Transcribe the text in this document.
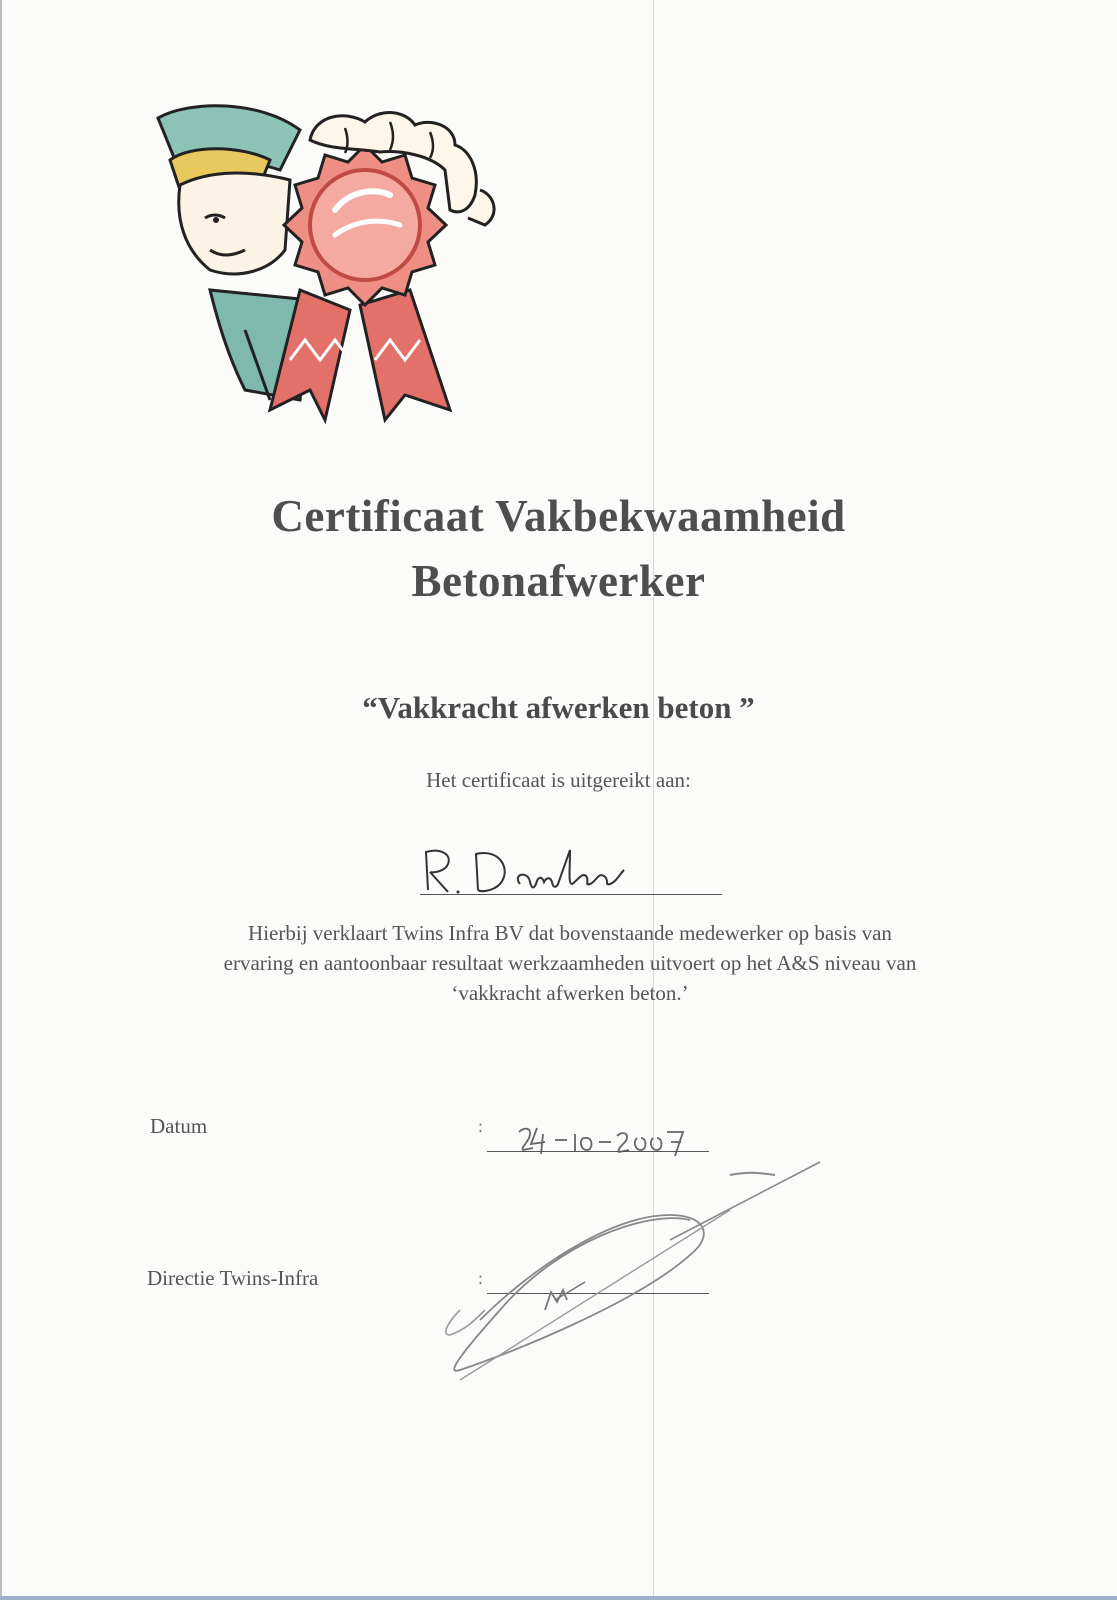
Certificaat Vakbekwaamheid
Betonafwerker

“Vakkracht afwerken beton ”

Het certificaat is uitgereikt aan:
Hierbij verklaart Twins Infra BV dat bovenstaande medewerker op basis van
ervaring en aantoonbaar resultaat werkzaamheden uitvoert op het A&S niveau van
‘vakkracht afwerken beton.’
Datum	:
Directie Twins-Infra	:
